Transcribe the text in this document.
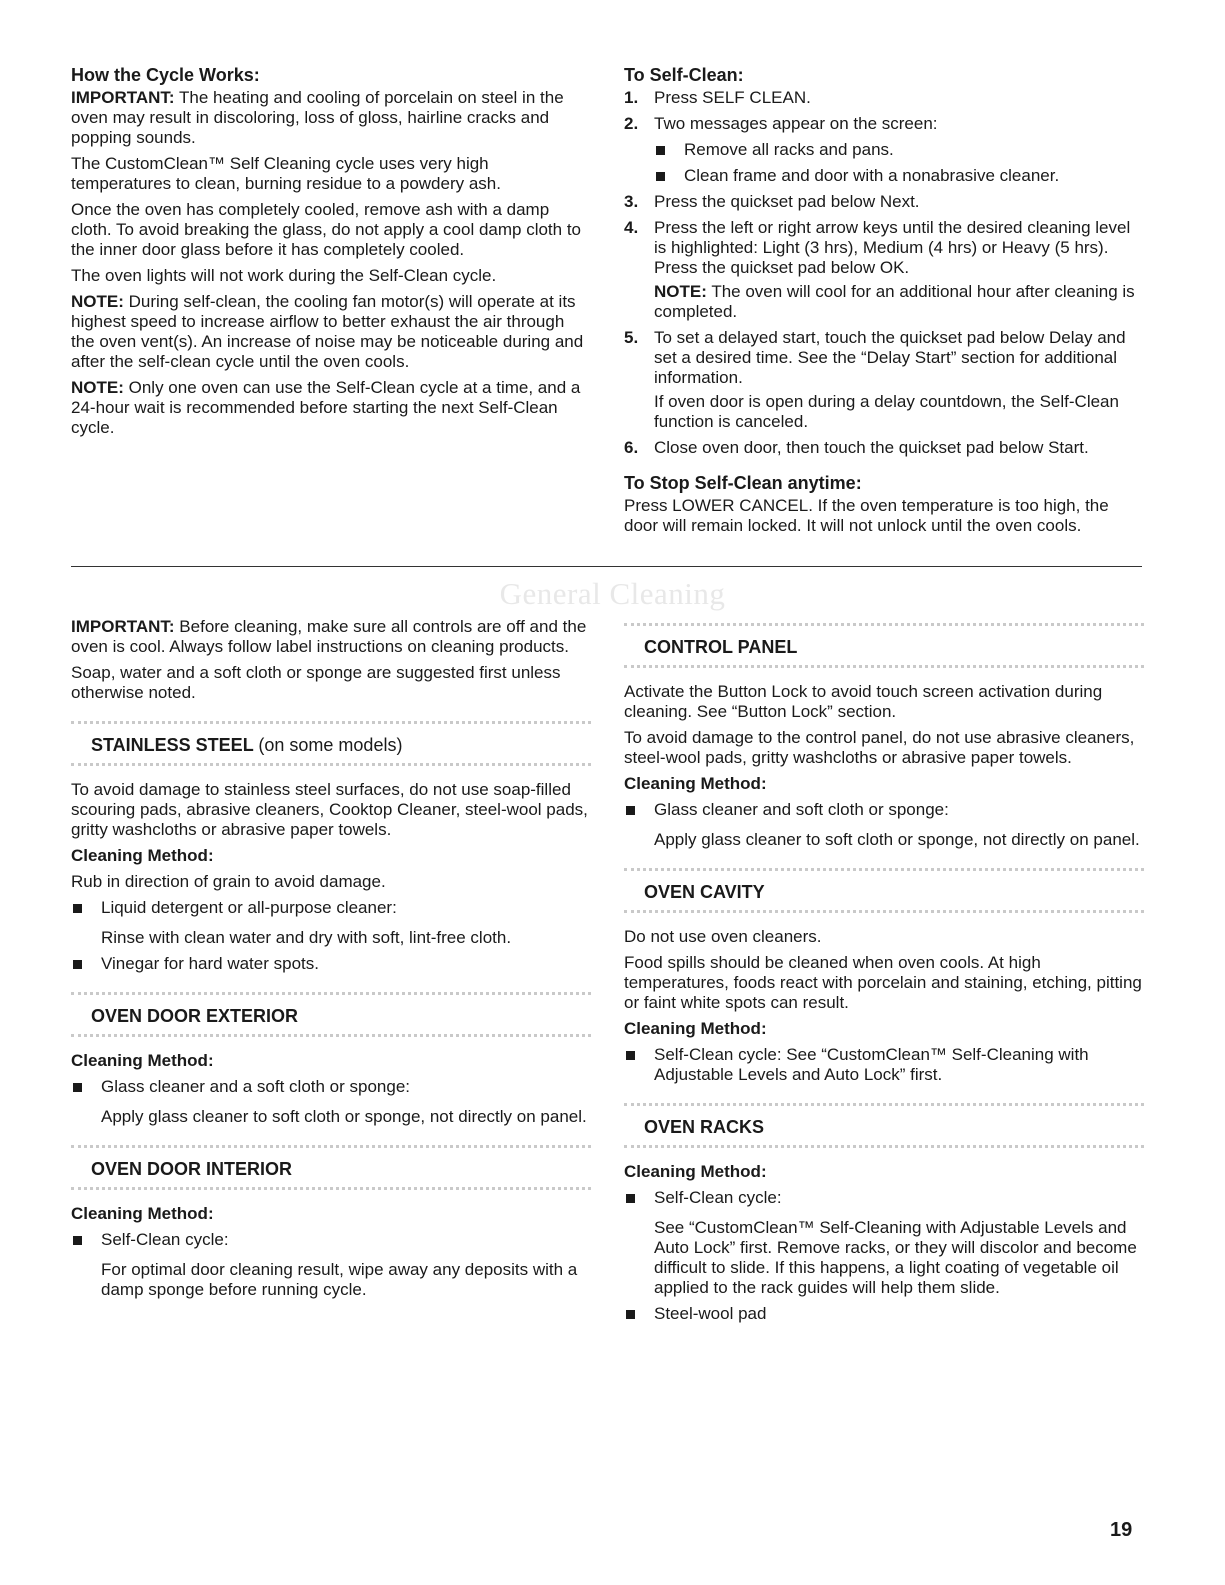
How the Cycle Works:

IMPORTANT: The heating and cooling of porcelain on steel in the oven may result in discoloring, loss of gloss, hairline cracks and popping sounds.

The CustomClean™ Self Cleaning cycle uses very high temperatures to clean, burning residue to a powdery ash.

Once the oven has completely cooled, remove ash with a damp cloth. To avoid breaking the glass, do not apply a cool damp cloth to the inner door glass before it has completely cooled.

The oven lights will not work during the Self-Clean cycle.

NOTE: During self-clean, the cooling fan motor(s) will operate at its highest speed to increase airflow to better exhaust the air through the oven vent(s). An increase of noise may be noticeable during and after the self-clean cycle until the oven cools.

NOTE: Only one oven can use the Self-Clean cycle at a time, and a 24-hour wait is recommended before starting the next Self-Clean cycle.

To Self-Clean:
1. Press SELF CLEAN.
2. Two messages appear on the screen:
Remove all racks and pans.
Clean frame and door with a nonabrasive cleaner.
3. Press the quickset pad below Next.
4. Press the left or right arrow keys until the desired cleaning level is highlighted: Light (3 hrs), Medium (4 hrs) or Heavy (5 hrs). Press the quickset pad below OK.

NOTE: The oven will cool for an additional hour after cleaning is completed.

5. To set a delayed start, touch the quickset pad below Delay and set a desired time. See the “Delay Start” section for additional information.

If oven door is open during a delay countdown, the Self-Clean function is canceled.

6. Close oven door, then touch the quickset pad below Start.
To Stop Self-Clean anytime:

Press LOWER CANCEL. If the oven temperature is too high, the door will remain locked. It will not unlock until the oven cools.

General Cleaning

IMPORTANT: Before cleaning, make sure all controls are off and the oven is cool. Always follow label instructions on cleaning products.

Soap, water and a soft cloth or sponge are suggested first unless otherwise noted.

STAINLESS STEEL (on some models)

To avoid damage to stainless steel surfaces, do not use soap-filled scouring pads, abrasive cleaners, Cooktop Cleaner, steel-wool pads, gritty washcloths or abrasive paper towels.

Cleaning Method:

Rub in direction of grain to avoid damage.

Liquid detergent or all-purpose cleaner:

Rinse with clean water and dry with soft, lint-free cloth.

Vinegar for hard water spots.
OVEN DOOR EXTERIOR
Cleaning Method:
Glass cleaner and a soft cloth or sponge:

Apply glass cleaner to soft cloth or sponge, not directly on panel.

OVEN DOOR INTERIOR
Cleaning Method:
Self-Clean cycle:

For optimal door cleaning result, wipe away any deposits with a damp sponge before running cycle.

CONTROL PANEL

Activate the Button Lock to avoid touch screen activation during cleaning. See “Button Lock” section.

To avoid damage to the control panel, do not use abrasive cleaners, steel-wool pads, gritty washcloths or abrasive paper towels.

Cleaning Method:
Glass cleaner and soft cloth or sponge:

Apply glass cleaner to soft cloth or sponge, not directly on panel.

OVEN CAVITY

Do not use oven cleaners.

Food spills should be cleaned when oven cools. At high temperatures, foods react with porcelain and staining, etching, pitting or faint white spots can result.

Cleaning Method:
Self-Clean cycle: See “CustomClean™ Self-Cleaning with Adjustable Levels and Auto Lock” first.
OVEN RACKS
Cleaning Method:
Self-Clean cycle:

See “CustomClean™ Self-Cleaning with Adjustable Levels and Auto Lock” first. Remove racks, or they will discolor and become difficult to slide. If this happens, a light coating of vegetable oil applied to the rack guides will help them slide.

Steel-wool pad
19
